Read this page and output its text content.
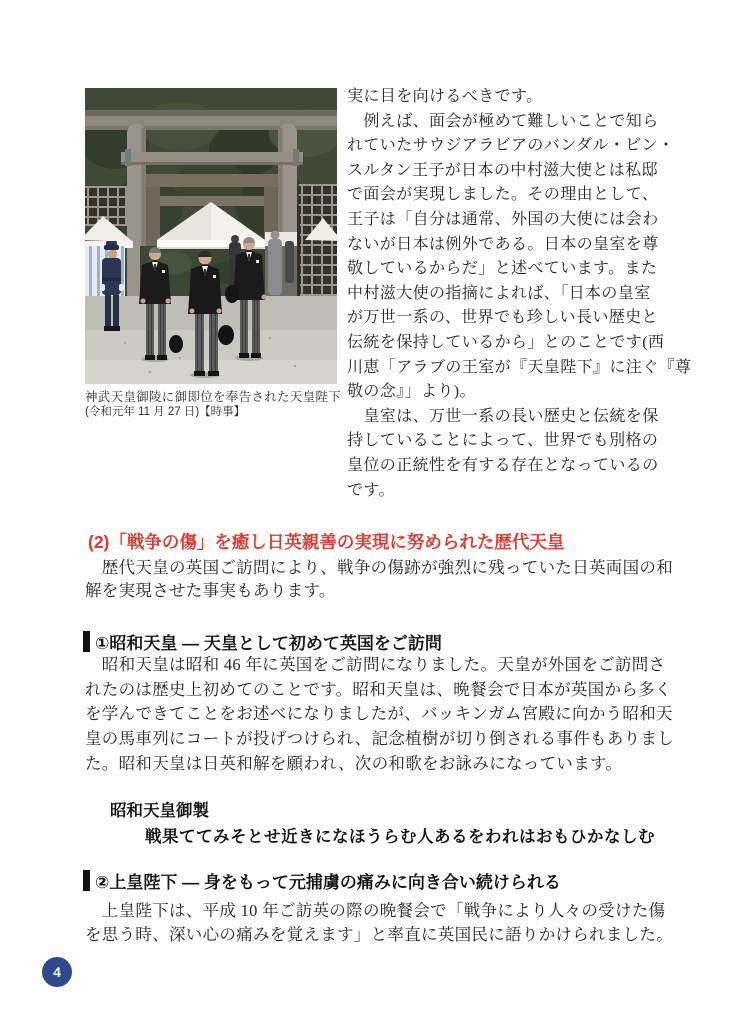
神武天皇御陵に御即位を奉告された天皇陛下
(令和元年 11 月 27 日)【時事】
実に目を向けるべきです。
　例えば、面会が極めて難しいことで知ら
れていたサウジアラビアのバンダル・ビン・
スルタン王子が日本の中村滋大使とは私邸
で面会が実現しました。その理由として、
王子は「自分は通常、外国の大使には会わ
ないが日本は例外である。日本の皇室を尊
敬しているからだ」と述べています。また
中村滋大使の指摘によれば、「日本の皇室
が万世一系の、世界でも珍しい長い歴史と
伝統を保持しているから」とのことです(西
川恵「アラブの王室が『天皇陛下』に注ぐ『尊
敬の念』」より)。
　皇室は、万世一系の長い歴史と伝統を保
持していることによって、世界でも別格の
皇位の正統性を有する存在となっているの
です。
(2)「戦争の傷」を癒し日英親善の実現に努められた歴代天皇
　歴代天皇の英国ご訪問により、戦争の傷跡が強烈に残っていた日英両国の和
解を実現させた事実もあります。
①昭和天皇 ― 天皇として初めて英国をご訪問
　昭和天皇は昭和 46 年に英国をご訪問になりました。天皇が外国をご訪問さ
れたのは歴史上初めてのことです。昭和天皇は、晩餐会で日本が英国から多く
を学んできてことをお述べになりましたが、バッキンガム宮殿に向かう昭和天
皇の馬車列にコートが投げつけられ、記念植樹が切り倒される事件もありまし
た。昭和天皇は日英和解を願われ、次の和歌をお詠みになっています。
昭和天皇御製
戦果ててみそとせ近きになほうらむ人あるをわれはおもひかなしむ
②上皇陛下 ― 身をもって元捕虜の痛みに向き合い続けられる
　上皇陛下は、平成 10 年ご訪英の際の晩餐会で「戦争により人々の受けた傷
を思う時、深い心の痛みを覚えます」と率直に英国民に語りかけられました。
4
